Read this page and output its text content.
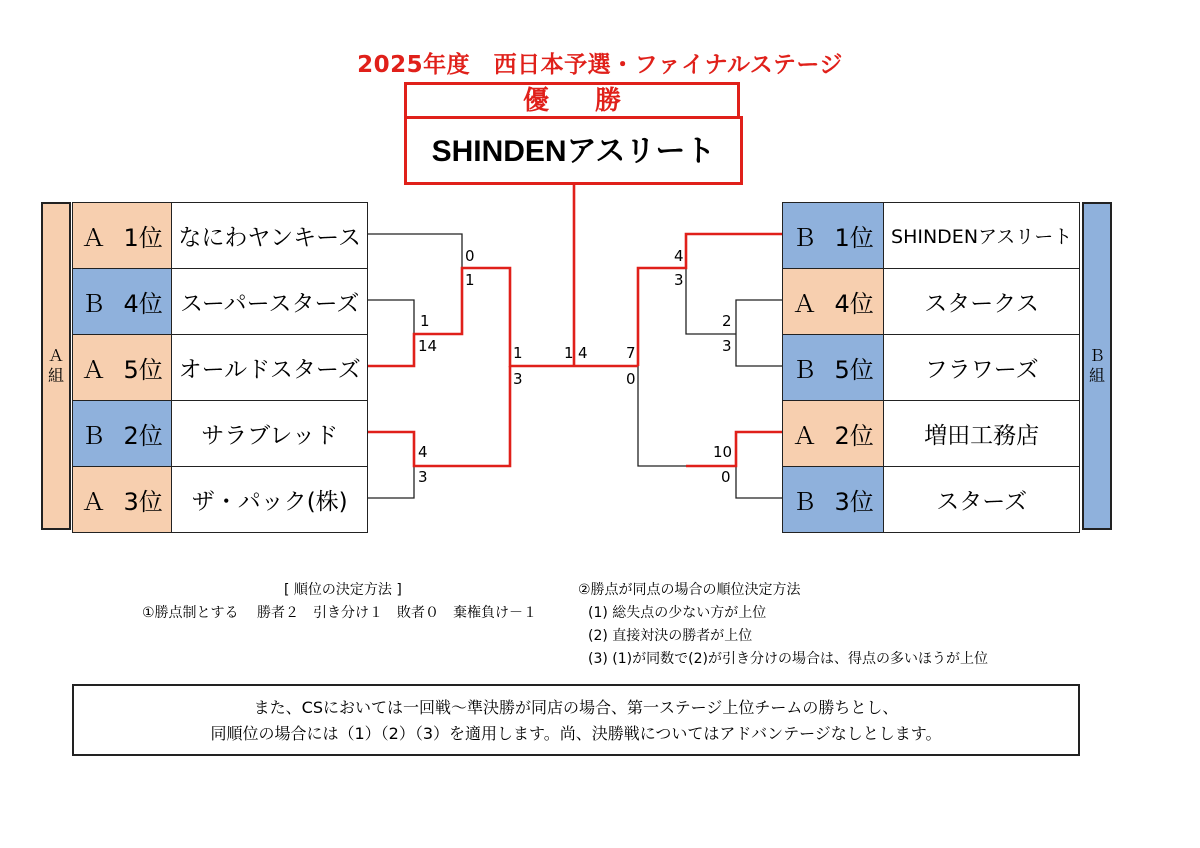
2025年度　西日本予選・ファイナルステージ
優勝
SHINDENアスリート
Ａ
組
Ｂ
組
Ａ 1位 なにわヤンキース
Ｂ 4位 スーパースターズ
Ａ 5位 オールドスターズ
Ｂ 2位	サラブレッド
Ａ 3位	ザ・パック(株)
Ｂ 1位 SHINDENアスリート
Ａ 4位	スタークス
Ｂ 5位	フラワーズ
Ａ 2位	増田工務店
Ｂ 3位	スターズ
1
14
0
1
4
3
1
3
1 4
2
3
4
3
10
0
7
0
[ 順位の決定方法 ]
①勝点制とする　 勝者２　引き分け１　敗者０　棄権負け－１
②勝点が同点の場合の順位決定方法
(1) 総失点の少ない方が上位
(2) 直接対決の勝者が上位
(3) (1)が同数で(2)が引き分けの場合は、得点の多いほうが上位
また、CSにおいては一回戦～準決勝が同店の場合、第一ステージ上位チームの勝ちとし、
同順位の場合には（1）（2）（3）を適用します。尚、決勝戦についてはアドバンテージなしとします。
